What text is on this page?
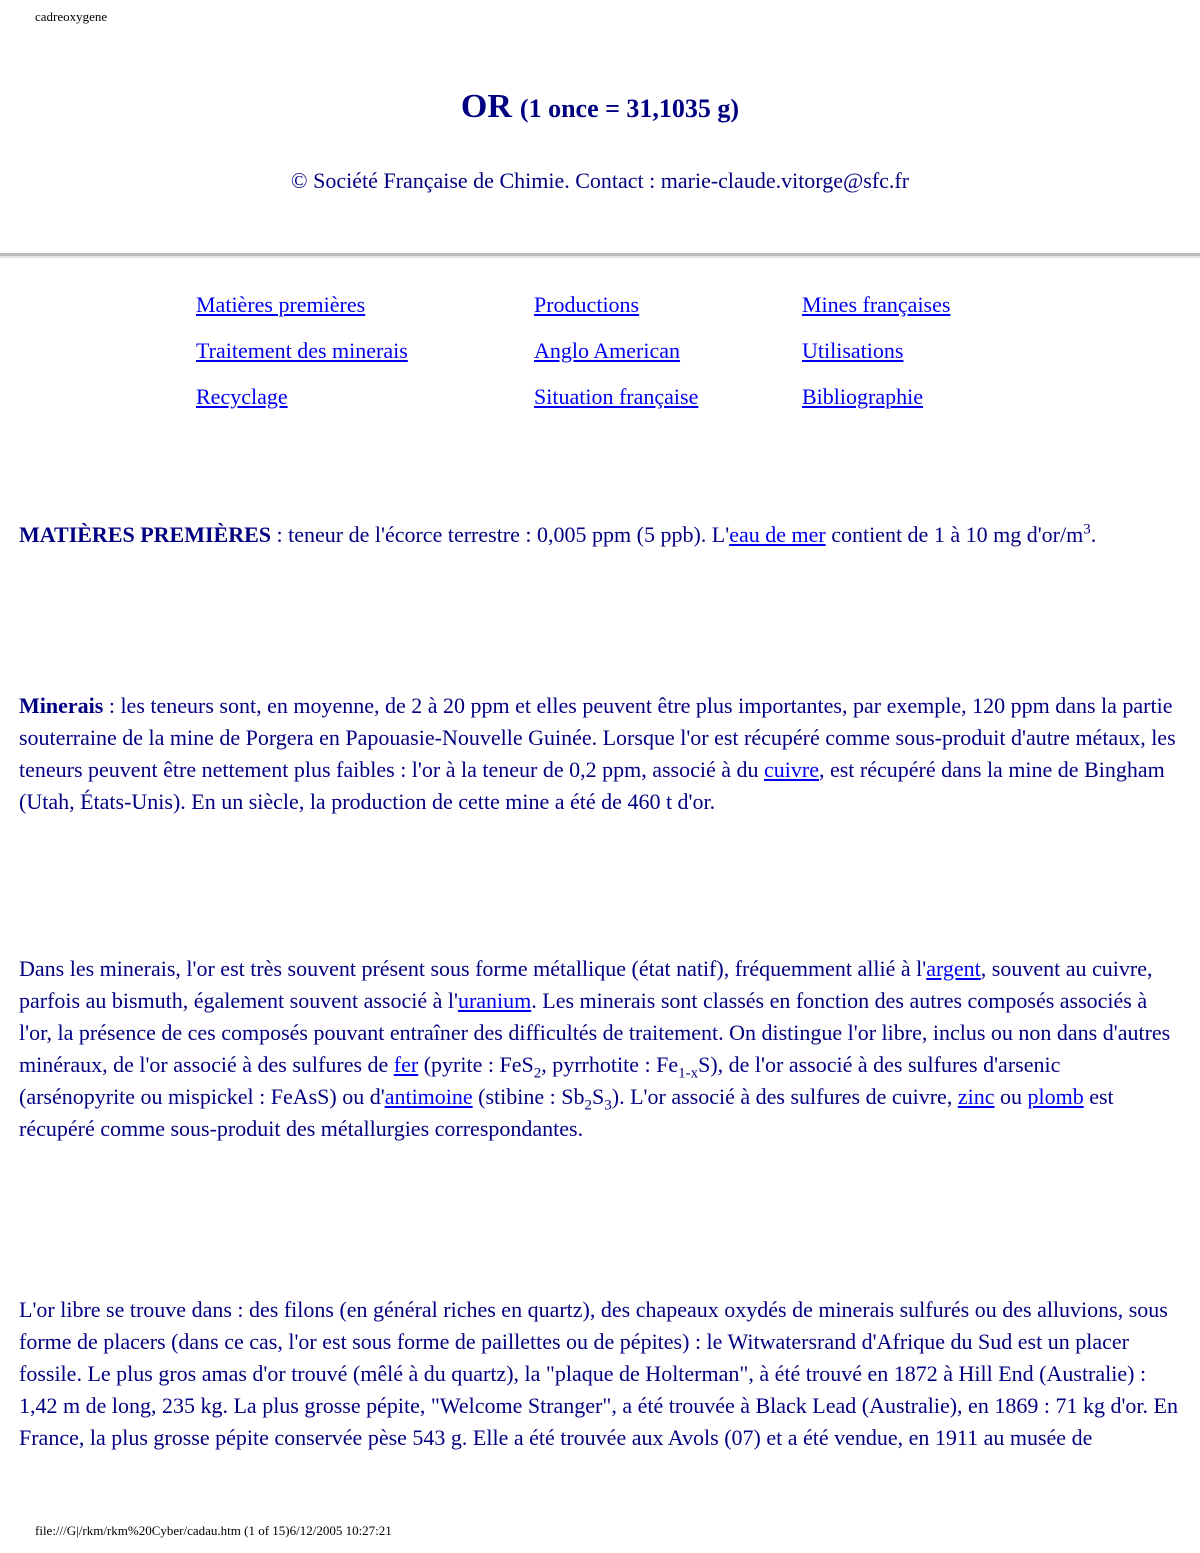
cadreoxygene
OR (1 once = 31,1035 g)

© Société Française de Chimie. Contact : marie-claude.vitorge@sfc.fr

Matières premières
Traitement des minerais
Recyclage
Productions
Anglo American
Situation française
Mines françaises
Utilisations
Bibliographie

MATIÈRES PREMIÈRES : teneur de l'écorce terrestre : 0,005 ppm (5 ppb). L'eau de mer contient de 1 à 10 mg $d'or/m^3$.

Minerais : les teneurs sont, en moyenne, de 2 à 20 ppm et elles peuvent être plus importantes, par exemple, 120 ppm dans la partie souterraine de la mine de Porgera en Papouasie-Nouvelle Guinée. Lorsque l'or est récupéré comme sous-produit d'autre métaux, les teneurs peuvent être nettement plus faibles : l'or à la teneur de 0,2 ppm, associé à du cuivre, est récupéré dans la mine de Bingham (Utah, États-Unis). En un siècle, la production de cette mine a été de 460 t d'or.

Dans les minerais, l'or est très souvent présent sous forme métallique (état natif), fréquemment allié à l'argent, souvent au cuivre, parfois au bismuth, également souvent associé à l'uranium. Les minerais sont classés en fonction des autres composés associés à l'or, la présence de ces composés pouvant entraîner des difficultés de traitement. On distingue l'or libre, inclus ou non dans d'autres minéraux, de l'or associé à des sulfures de fer (pyrite : FeS$_2$, pyrrhotite : $Fe_{1-x}S$), de l'or associé à des sulfures d'arsenic (arsénopyrite ou mispickel : FeAsS) ou d'antimoine (stibine : $Sb_2S_3$). L'or associé à des sulfures de cuivre, zinc ou plomb est récupéré comme sous-produit des métallurgies correspondantes.

L'or libre se trouve dans : des filons (en général riches en quartz), des chapeaux oxydés de minerais sulfurés ou des alluvions, sous forme de placers (dans ce cas, l'or est sous forme de paillettes ou de pépites) : le Witwatersrand d'Afrique du Sud est un placer fossile. Le plus gros amas d'or trouvé (mêlé à du quartz), la "plaque de Holterman", à été trouvé en 1872 à Hill End (Australie) : 1,42 m de long, 235 kg. La plus grosse pépite, "Welcome Stranger", a été trouvée à Black Lead (Australie), en 1869 : 71 kg d'or. En France, la plus grosse pépite conservée pèse 543 g. Elle a été trouvée aux Avols (07) et a été vendue, en 1911 au musée de

file:///G|/rkm/rkm%20Cyber/cadau.htm (1 of 15)6/12/2005 10:27:21
